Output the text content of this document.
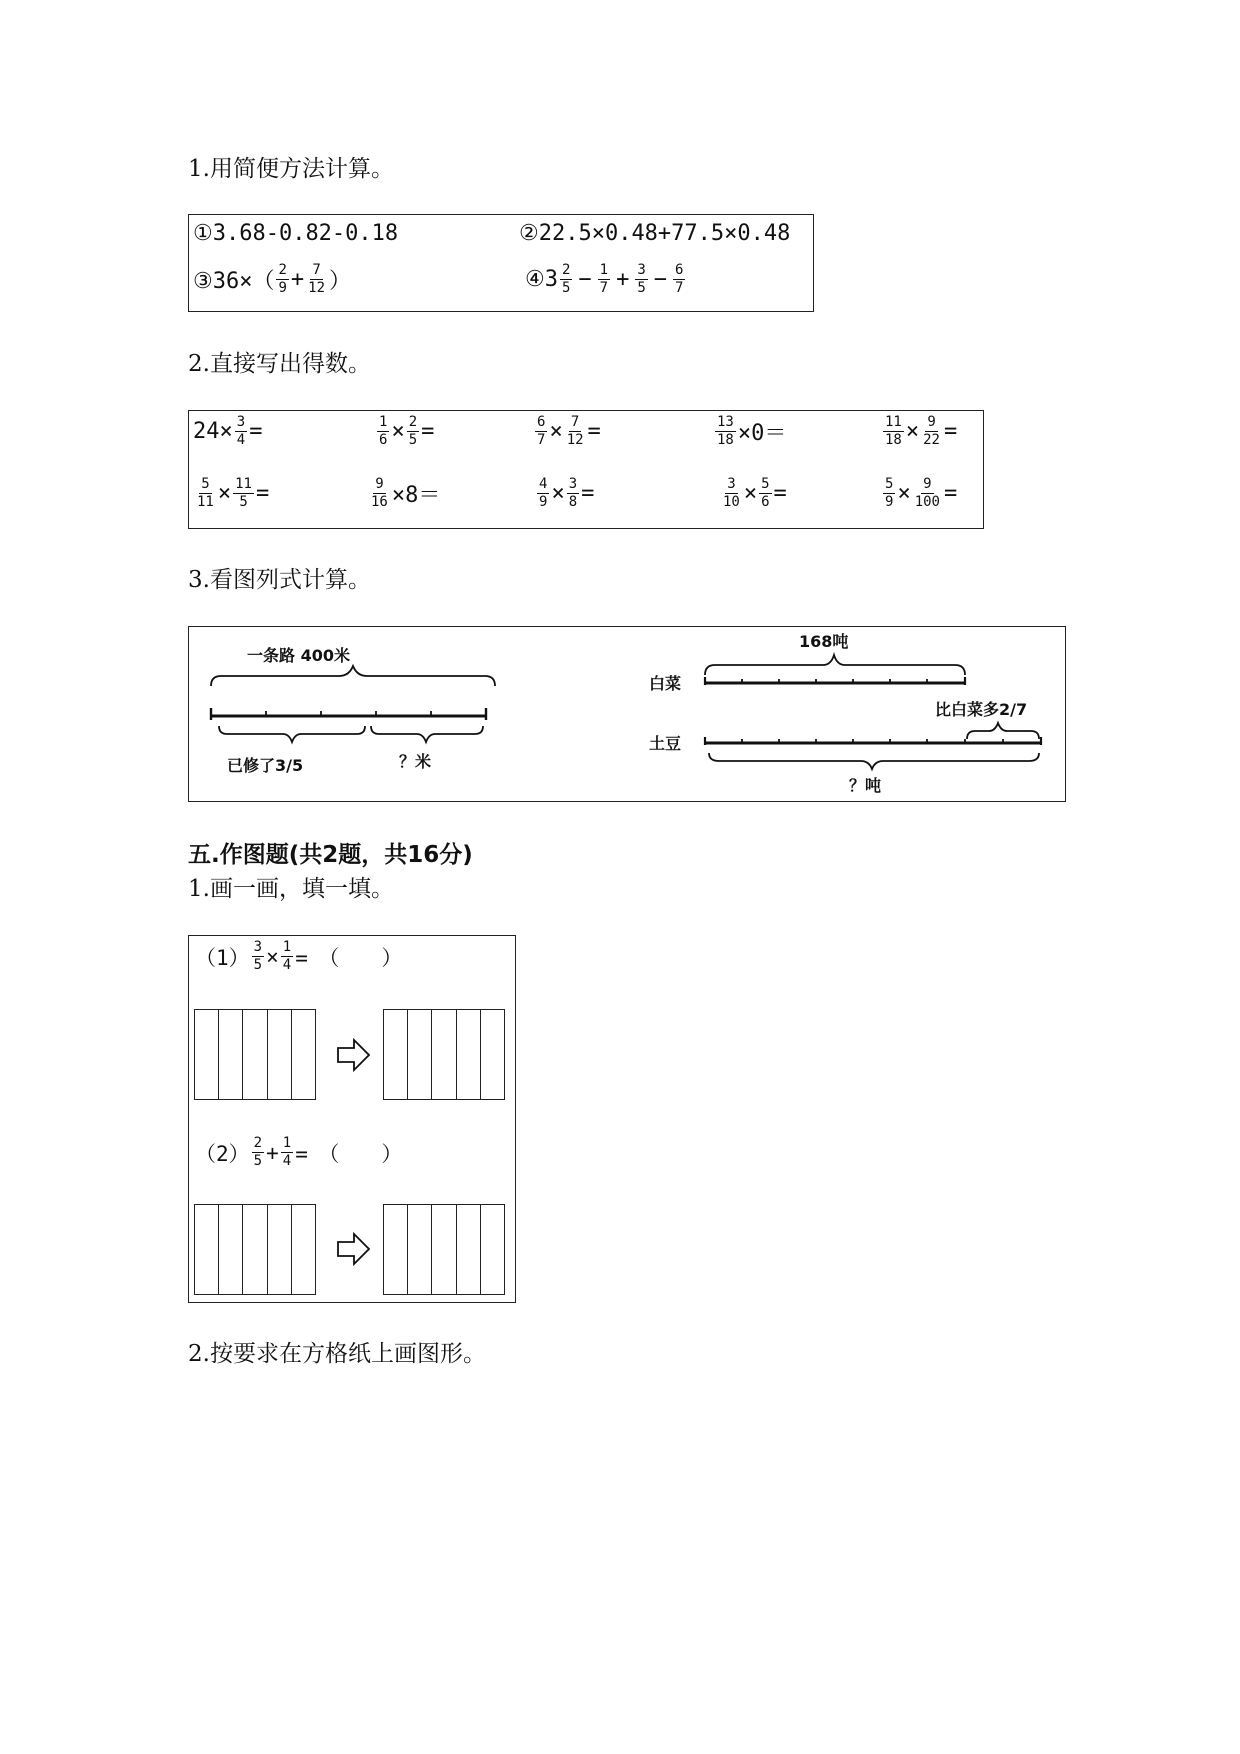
1.用简便方法计算。
①3.68-0.82-0.18	②22.5×0.48+77.5×0.48
③36×（ $\frac{2}{9} + \frac{7}{12}$ ）	④3 $\frac{2}{5} - \frac{1}{7} + \frac{3}{5} - \frac{6}{7}$
2.直接写出得数。
$24\times \frac{3}{4}$ =	$\frac{1}{6} \times \frac{2}{5}$ =	$\frac{6}{7} \times \frac{7}{12}$ =	$\frac{13}{18} \times 0=$	$\frac{11}{18} \times \frac{9}{22}$ =
$\frac{5}{11} \times \frac{11}{5}$ =	$\frac{9}{16} \times 8=$	$\frac{4}{9} \times \frac{3}{8}$ =	$\frac{3}{10} \times \frac{5}{6}$ =	$\frac{5}{9} \times \frac{9}{100}$ =
3.看图列式计算。
一条路 400米
已修了3/5	？米
168吨
白菜
比白菜多2/7
土豆
？吨
五.作图题(共2题，共16分)
1.画一画，填一填。
$(1) \frac{3}{5} \times \frac{1}{4}$ =　（　　）
$(2) \frac{2}{5} + \frac{1}{4}$ =　（　　）
2.按要求在方格纸上画图形。
